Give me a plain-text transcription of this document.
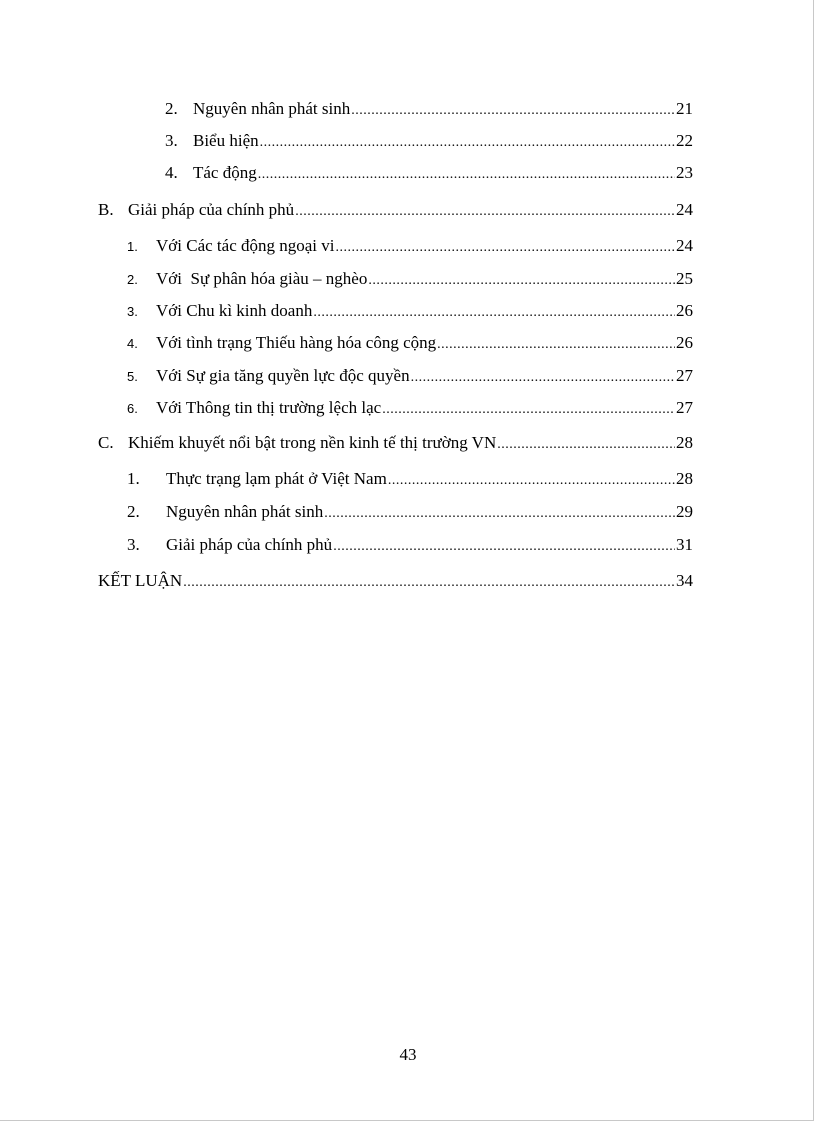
2. Nguyên nhân phát sinh .....	21
3. Biểu hiện .....	22
4. Tác động .....	23
B. Giải pháp của chính phủ .....	24
1.	Với Các tác động ngoại vi .....	24
2.	Với  Sự phân hóa giàu – nghèo .....	25
3.	Với Chu kì kinh doanh .....	26
4.	Với tình trạng Thiếu hàng hóa công cộng .....	26
5.	Với Sự gia tăng quyền lực độc quyền .....	27
6.	Với Thông tin thị trường lệch lạc .....	27
C. Khiếm khuyết nổi bật trong nền kinh tế thị trường VN .....	28
1.	Thực trạng lạm phát ở Việt Nam .....	28
2.	Nguyên nhân phát sinh .....	29
3.	Giải pháp của chính phủ .....	31
KẾT LUẬN .....	34
43
